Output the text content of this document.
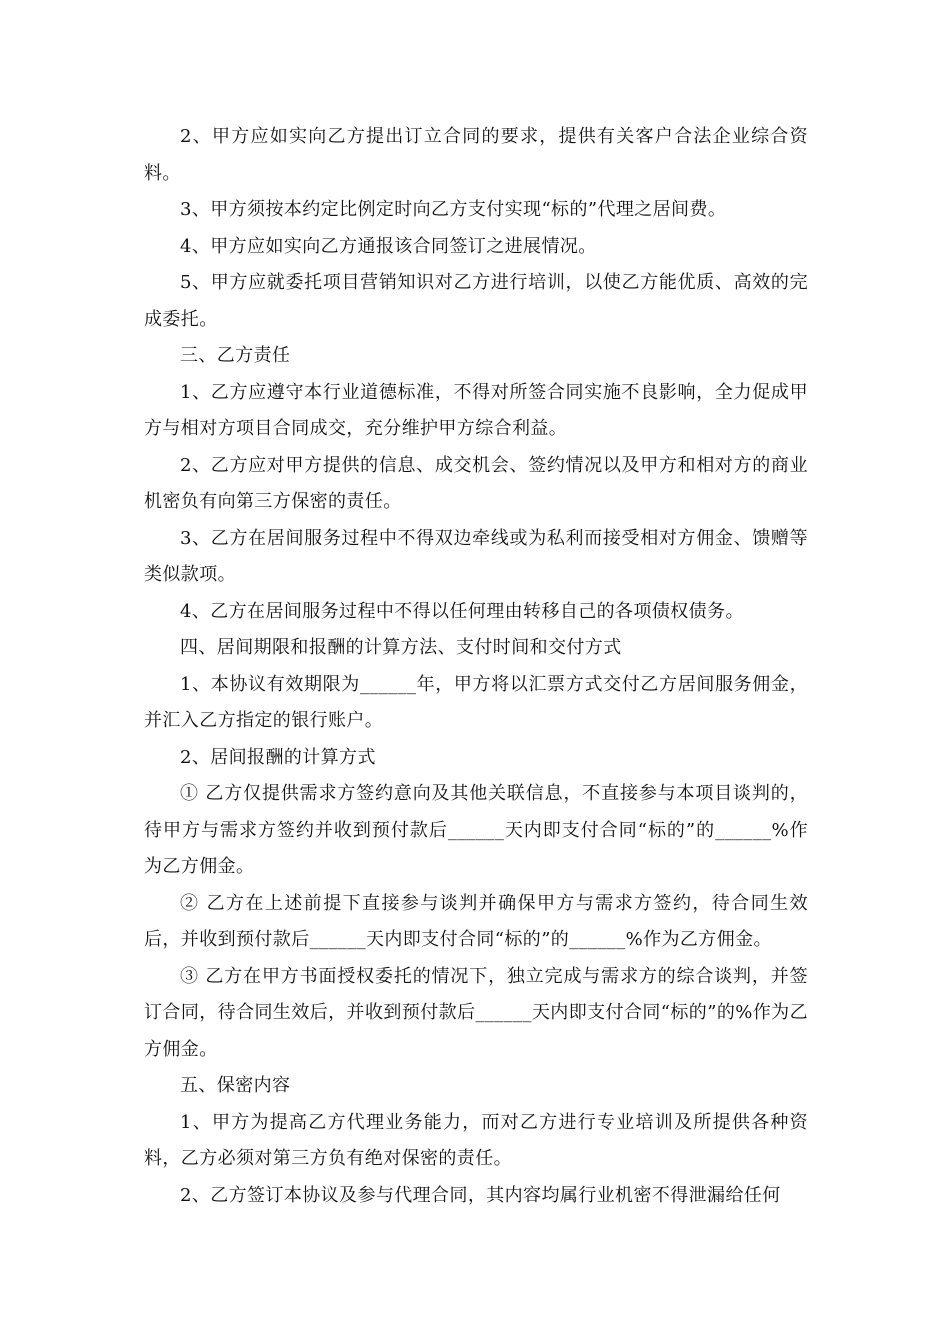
2、甲方应如实向乙方提出订立合同的要求，提供有关客户合法企业综合资料。

3、甲方须按本约定比例定时向乙方支付实现“标的”代理之居间费。

4、甲方应如实向乙方通报该合同签订之进展情况。

5、甲方应就委托项目营销知识对乙方进行培训，以使乙方能优质、高效的完成委托。

三、乙方责任

1、乙方应遵守本行业道德标准，不得对所签合同实施不良影响，全力促成甲方与相对方项目合同成交，充分维护甲方综合利益。

2、乙方应对甲方提供的信息、成交机会、签约情况以及甲方和相对方的商业机密负有向第三方保密的责任。

3、乙方在居间服务过程中不得双边牵线或为私利而接受相对方佣金、馈赠等类似款项。

4、乙方在居间服务过程中不得以任何理由转移自己的各项债权债务。

四、居间期限和报酬的计算方法、支付时间和交付方式

1、本协议有效期限为______年，甲方将以汇票方式交付乙方居间服务佣金，并汇入乙方指定的银行账户。

2、居间报酬的计算方式

① 乙方仅提供需求方签约意向及其他关联信息，不直接参与本项目谈判的，待甲方与需求方签约并收到预付款后______天内即支付合同“标的”的______%作为乙方佣金。

② 乙方在上述前提下直接参与谈判并确保甲方与需求方签约，待合同生效后，并收到预付款后______天内即支付合同“标的”的______%作为乙方佣金。

③ 乙方在甲方书面授权委托的情况下，独立完成与需求方的综合谈判，并签订合同，待合同生效后，并收到预付款后______天内即支付合同“标的”的%作为乙方佣金。

五、保密内容

1、甲方为提高乙方代理业务能力，而对乙方进行专业培训及所提供各种资料，乙方必须对第三方负有绝对保密的责任。

2、乙方签订本协议及参与代理合同，其内容均属行业机密不得泄漏给任何
